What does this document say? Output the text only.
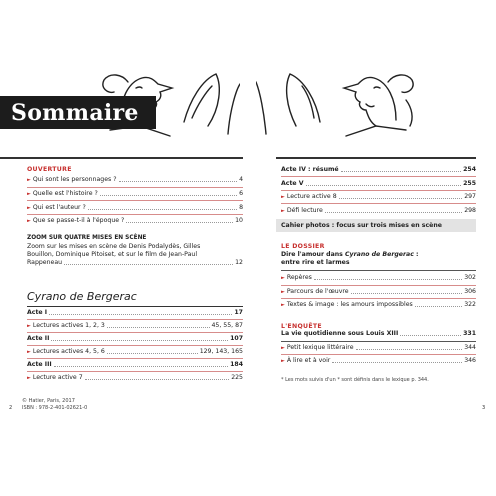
Sommaire
OUVERTURE
► Qui sont les personnages ?	4
► Quelle est l'histoire ?	6
► Qui est l'auteur ?	8
► Que se passe-t-il à l'époque ?	10
ZOOM SUR QUATRE MISES EN SCÈNE
Zoom sur les mises en scène de Denis Podalydès, Gilles
Bouillon, Dominique Pitoiset, et sur le film de Jean-Paul
Rappeneau	12
Cyrano de Bergerac
Acte I	17
► Lectures actives 1, 2, 3	45, 55, 87
Acte II	107
► Lectures actives 4, 5, 6	129, 143, 165
Acte III	184
► Lecture active 7	225
© Hatier, Paris, 2017
ISBN : 978-2-401-02621-0
2
Acte IV : résumé	254
Acte V	255
► Lecture active 8	297
► Défi lecture	298
Cahier photos : focus sur trois mises en scène
LE DOSSIER
Dire l'amour dans Cyrano de Bergerac :
entre rire et larmes
► Repères	302
► Parcours de l'œuvre	306
► Textes & image : les amours impossibles	322
L'ENQUÊTE
La vie quotidienne sous Louis XIII	331
► Petit lexique littéraire	344
► À lire et à voir	346
* Les mots suivis d'un * sont définis dans le lexique p. 344.
3
